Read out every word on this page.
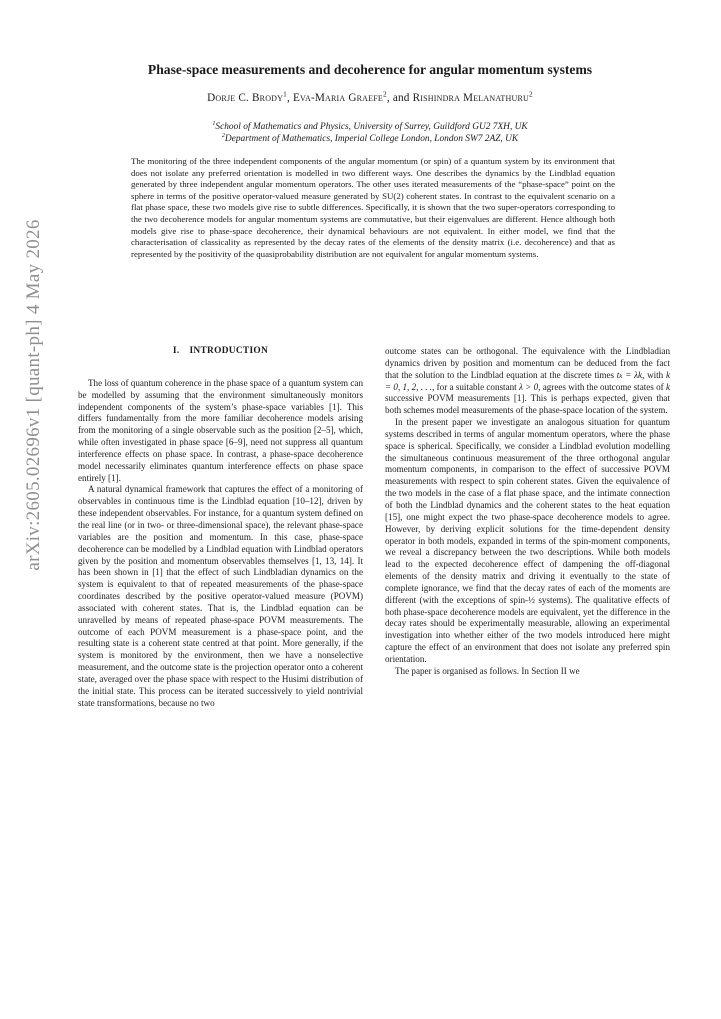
arXiv:2605.02696v1 [quant-ph] 4 May 2026
Phase-space measurements and decoherence for angular momentum systems
Dorje C. Brody$^1$, Eva-Maria Graefe$^2$, and Rishindra Melanathuru$^2$
$^1$School of Mathematics and Physics, University of Surrey, Guildford GU2 7XH, UK
$^2$Department of Mathematics, Imperial College London, London SW7 2AZ, UK
The monitoring of the three independent components of the angular momentum (or spin) of a quantum system by its environment that does not isolate any preferred orientation is modelled in two different ways. One describes the dynamics by the Lindblad equation generated by three independent angular momentum operators. The other uses iterated measurements of the “phase-space” point on the sphere in terms of the positive operator-valued measure generated by SU(2) coherent states. In contrast to the equivalent scenario on a flat phase space, these two models give rise to subtle differences. Specifically, it is shown that the two super-operators corresponding to the two decoherence models for angular momentum systems are commutative, but their eigenvalues are different. Hence although both models give rise to phase-space decoherence, their dynamical behaviours are not equivalent. In either model, we find that the characterisation of classicality as represented by the decay rates of the elements of the density matrix (i.e. decoherence) and that as represented by the positivity of the quasiprobability distribution are not equivalent for angular momentum systems.
I. INTRODUCTION

The loss of quantum coherence in the phase space of a quantum system can be modelled by assuming that the environment simultaneously monitors independent components of the system’s phase-space variables [1]. This differs fundamentally from the more familiar decoherence models arising from the monitoring of a single observable such as the position [2–5], which, while often investigated in phase space [6–9], need not suppress all quantum interference effects on phase space. In contrast, a phase-space decoherence model necessarily eliminates quantum interference effects on phase space entirely [1].

A natural dynamical framework that captures the effect of a monitoring of observables in continuous time is the Lindblad equation [10–12], driven by these independent observables. For instance, for a quantum system defined on the real line (or in two- or three-dimensional space), the relevant phase-space variables are the position and momentum. In this case, phase-space decoherence can be modelled by a Lindblad equation with Lindblad operators given by the position and momentum observables themselves [1, 13, 14]. It has been shown in [1] that the effect of such Lindbladian dynamics on the system is equivalent to that of repeated measurements of the phase-space coordinates described by the positive operator-valued measure (POVM) associated with coherent states. That is, the Lindblad equation can be unravelled by means of repeated phase-space POVM measurements. The outcome of each POVM measurement is a phase-space point, and the resulting state is a coherent state centred at that point. More generally, if the system is monitored by the environment, then we have a nonselective measurement, and the outcome state is the projection operator onto a coherent state, averaged over the phase space with respect to the Husimi distribution of the initial state. This process can be iterated successively to yield nontrivial state transformations, because no two

outcome states can be orthogonal. The equivalence with the Lindbladian dynamics driven by position and momentum can be deduced from the fact that the solution to the Lindblad equation at the discrete times tₖ = λk, with k = 0, 1, 2, . . ., for a suitable constant λ > 0, agrees with the outcome states of k successive POVM measurements [1]. This is perhaps expected, given that both schemes model measurements of the phase-space location of the system.

In the present paper we investigate an analogous situation for quantum systems described in terms of angular momentum operators, where the phase space is spherical. Specifically, we consider a Lindblad evolution modelling the simultaneous continuous measurement of the three orthogonal angular momentum components, in comparison to the effect of successive POVM measurements with respect to spin coherent states. Given the equivalence of the two models in the case of a flat phase space, and the intimate connection of both the Lindblad dynamics and the coherent states to the heat equation [15], one might expect the two phase-space decoherence models to agree. However, by deriving explicit solutions for the time-dependent density operator in both models, expanded in terms of the spin-moment components, we reveal a discrepancy between the two descriptions. While both models lead to the expected decoherence effect of dampening the off-diagonal elements of the density matrix and driving it eventually to the state of complete ignorance, we find that the decay rates of each of the moments are different (with the exceptions of spin-½ systems). The qualitative effects of both phase-space decoherence models are equivalent, yet the difference in the decay rates should be experimentally measurable, allowing an experimental investigation into whether either of the two models introduced here might capture the effect of an environment that does not isolate any preferred spin orientation.

The paper is organised as follows. In Section II we
